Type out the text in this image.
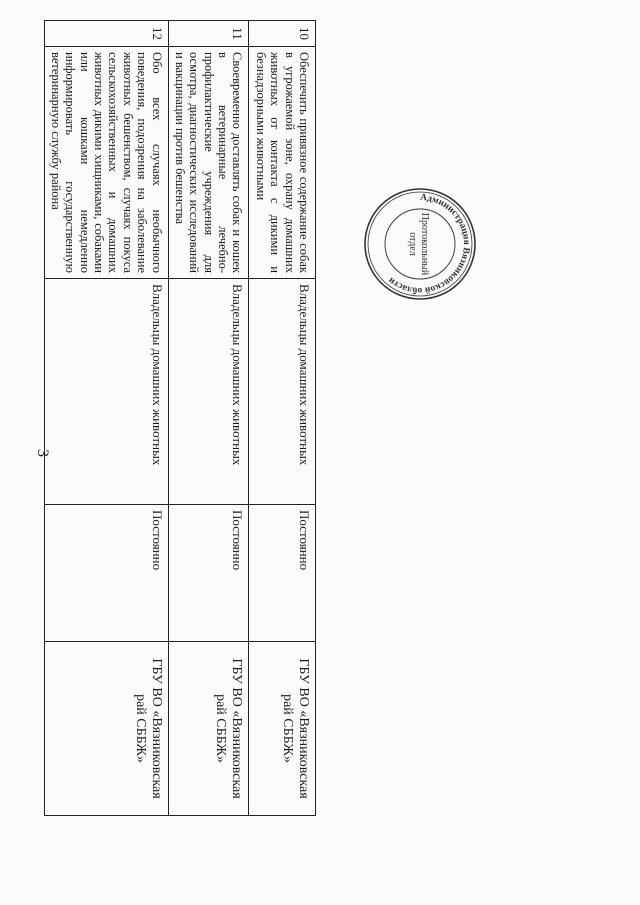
3
10	Обеспечить привязное содержание собак в угрожаемой зоне, охрану домашних животных от контакта с дикими и безнадзорными животными	Владельцы домашних животных	Постоянно	ГБУ ВО «Вязниковская рай СББЖ»
11	Своевременно доставлять собак и кошек в ветеринарные лечебно-профилактические учреждения для осмотра, диагностических исследований и вакцинации против бешенства	Владельцы домашних животных	Постоянно	ГБУ ВО «Вязниковская рай СББЖ»
12	Обо всех случаях необычного поведения, подозрения на заболевание животных бешенством, случаях покуса сельскохозяйственных и домашних животных дикими хищниками, собаками или кошками немедленно информировать государственную ветеринарную службу района	Владельцы домашних животных	Постоянно	ГБУ ВО «Вязниковская рай СББЖ»
Администрация Вязниковской области
Протокольный
отдел
